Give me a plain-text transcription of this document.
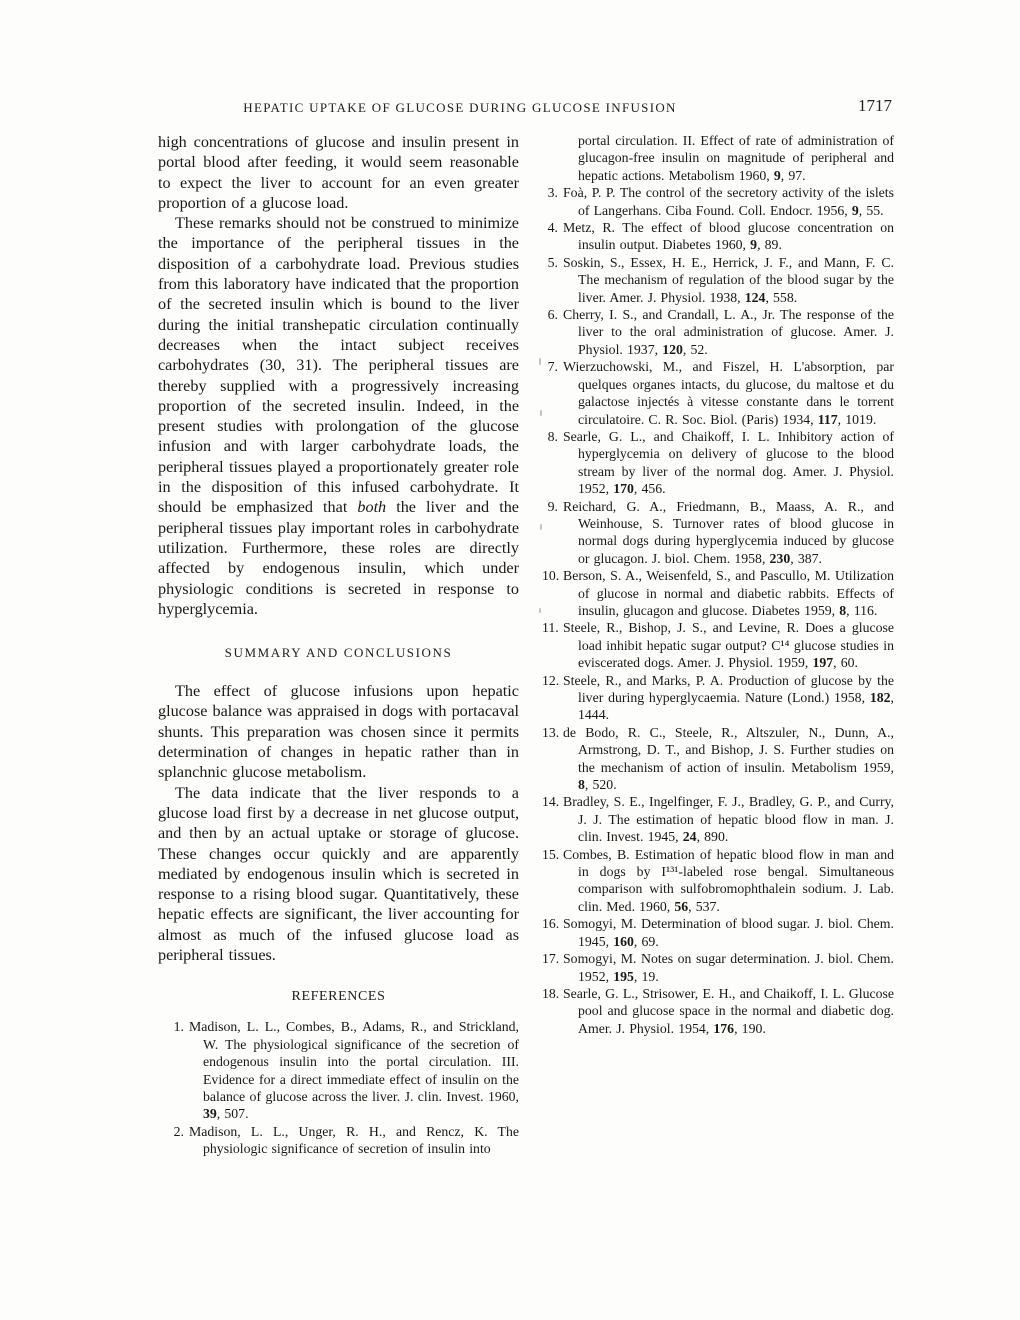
HEPATIC UPTAKE OF GLUCOSE DURING GLUCOSE INFUSION	1717

high concentrations of glucose and insulin present in portal blood after feeding, it would seem reasonable to expect the liver to account for an even greater proportion of a glucose load.

These remarks should not be construed to minimize the importance of the peripheral tissues in the disposition of a carbohydrate load. Previous studies from this laboratory have indicated that the proportion of the secreted insulin which is bound to the liver during the initial transhepatic circulation continually decreases when the intact subject receives carbohydrates (30, 31). The peripheral tissues are thereby supplied with a progressively increasing proportion of the secreted insulin. Indeed, in the present studies with prolongation of the glucose infusion and with larger carbohydrate loads, the peripheral tissues played a proportionately greater role in the disposition of this infused carbohydrate. It should be emphasized that both the liver and the peripheral tissues play important roles in carbohydrate utilization. Furthermore, these roles are directly affected by endogenous insulin, which under physiologic conditions is secreted in response to hyperglycemia.

SUMMARY AND CONCLUSIONS

The effect of glucose infusions upon hepatic glucose balance was appraised in dogs with portacaval shunts. This preparation was chosen since it permits determination of changes in hepatic rather than in splanchnic glucose metabolism.

The data indicate that the liver responds to a glucose load first by a decrease in net glucose output, and then by an actual uptake or storage of glucose. These changes occur quickly and are apparently mediated by endogenous insulin which is secreted in response to a rising blood sugar. Quantitatively, these hepatic effects are significant, the liver accounting for almost as much of the infused glucose load as peripheral tissues.

REFERENCES
1. Madison, L. L., Combes, B., Adams, R., and Strickland, W. The physiological significance of the secretion of endogenous insulin into the portal circulation. III. Evidence for a direct immediate effect of insulin on the balance of glucose across the liver. J. clin. Invest. 1960, 39, 507.
2. Madison, L. L., Unger, R. H., and Rencz, K. The physiologic significance of secretion of insulin into
portal circulation. II. Effect of rate of administration of glucagon-free insulin on magnitude of peripheral and hepatic actions. Metabolism 1960, 9, 97.
3. Foà, P. P. The control of the secretory activity of the islets of Langerhans. Ciba Found. Coll. Endocr. 1956, 9, 55.
4. Metz, R. The effect of blood glucose concentration on insulin output. Diabetes 1960, 9, 89.
5. Soskin, S., Essex, H. E., Herrick, J. F., and Mann, F. C. The mechanism of regulation of the blood sugar by the liver. Amer. J. Physiol. 1938, 124, 558.
6. Cherry, I. S., and Crandall, L. A., Jr. The response of the liver to the oral administration of glucose. Amer. J. Physiol. 1937, 120, 52.
7. Wierzuchowski, M., and Fiszel, H. L'absorption, par quelques organes intacts, du glucose, du maltose et du galactose injectés à vitesse constante dans le torrent circulatoire. C. R. Soc. Biol. (Paris) 1934, 117, 1019.
8. Searle, G. L., and Chaikoff, I. L. Inhibitory action of hyperglycemia on delivery of glucose to the blood stream by liver of the normal dog. Amer. J. Physiol. 1952, 170, 456.
9. Reichard, G. A., Friedmann, B., Maass, A. R., and Weinhouse, S. Turnover rates of blood glucose in normal dogs during hyperglycemia induced by glucose or glucagon. J. biol. Chem. 1958, 230, 387.
10. Berson, S. A., Weisenfeld, S., and Pascullo, M. Utilization of glucose in normal and diabetic rabbits. Effects of insulin, glucagon and glucose. Diabetes 1959, 8, 116.
11. Steele, R., Bishop, J. S., and Levine, R. Does a glucose load inhibit hepatic sugar output? C¹⁴ glucose studies in eviscerated dogs. Amer. J. Physiol. 1959, 197, 60.
12. Steele, R., and Marks, P. A. Production of glucose by the liver during hyperglycaemia. Nature (Lond.) 1958, 182, 1444.
13. de Bodo, R. C., Steele, R., Altszuler, N., Dunn, A., Armstrong, D. T., and Bishop, J. S. Further studies on the mechanism of action of insulin. Metabolism 1959, 8, 520.
14. Bradley, S. E., Ingelfinger, F. J., Bradley, G. P., and Curry, J. J. The estimation of hepatic blood flow in man. J. clin. Invest. 1945, 24, 890.
15. Combes, B. Estimation of hepatic blood flow in man and in dogs by I¹³¹-labeled rose bengal. Simultaneous comparison with sulfobromophthalein sodium. J. Lab. clin. Med. 1960, 56, 537.
16. Somogyi, M. Determination of blood sugar. J. biol. Chem. 1945, 160, 69.
17. Somogyi, M. Notes on sugar determination. J. biol. Chem. 1952, 195, 19.
18. Searle, G. L., Strisower, E. H., and Chaikoff, I. L. Glucose pool and glucose space in the normal and diabetic dog. Amer. J. Physiol. 1954, 176, 190.
